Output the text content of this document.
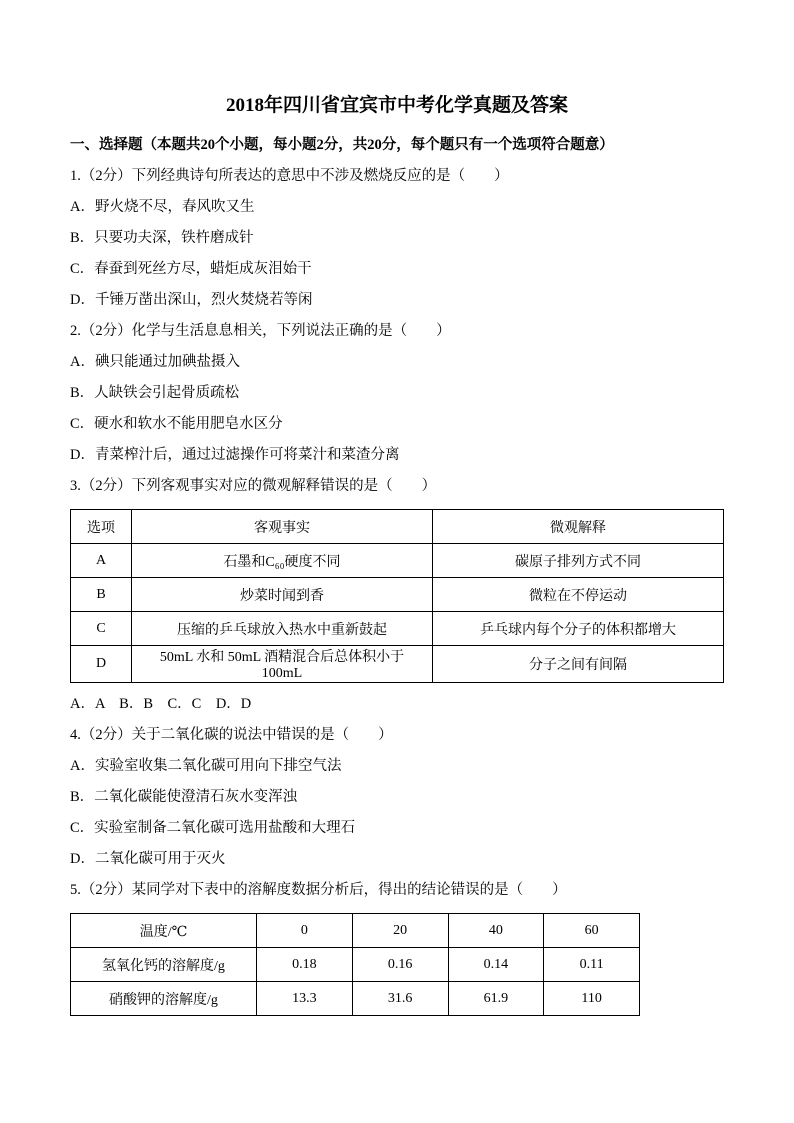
2018年四川省宜宾市中考化学真题及答案

一、选择题（本题共20个小题，每小题2分，共20分，每个题只有一个选项符合题意）

1.（2分）下列经典诗句所表达的意思中不涉及燃烧反应的是（　　）

A．野火烧不尽，春风吹又生

B．只要功夫深，铁杵磨成针

C．春蚕到死丝方尽，蜡炬成灰泪始干

D．千锤万凿出深山，烈火焚烧若等闲

2.（2分）化学与生活息息相关，下列说法正确的是（　　）

A．碘只能通过加碘盐摄入

B．人缺铁会引起骨质疏松

C．硬水和软水不能用肥皂水区分

D．青菜榨汁后，通过过滤操作可将菜汁和菜渣分离

3.（2分）下列客观事实对应的微观解释错误的是（　　）

选项	客观事实	微观解释
A	石墨和C₆₀硬度不同	碳原子排列方式不同
B	炒菜时闻到香	微粒在不停运动
C	压缩的乒乓球放入热水中重新鼓起	乒乓球内每个分子的体积都增大
D	50mL 水和 50mL 酒精混合后总体积小于 100mL	分子之间有间隔

A．A　B．B　C．C　D．D

4.（2分）关于二氧化碳的说法中错误的是（　　）

A．实验室收集二氧化碳可用向下排空气法

B．二氧化碳能使澄清石灰水变浑浊

C．实验室制备二氧化碳可选用盐酸和大理石

D．二氧化碳可用于灭火

5.（2分）某同学对下表中的溶解度数据分析后，得出的结论错误的是（　　）

温度/℃	0	20	40	60
氢氧化钙的溶解度/g	0.18	0.16	0.14	0.11
硝酸钾的溶解度/g	13.3	31.6	61.9	110
